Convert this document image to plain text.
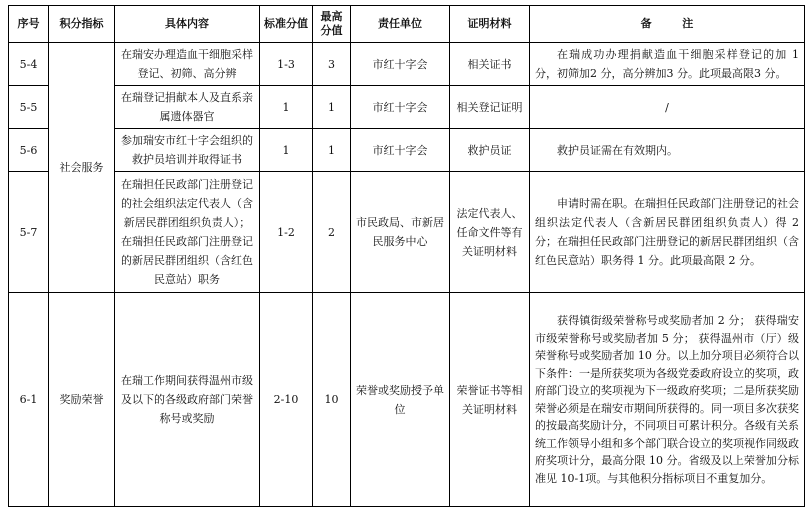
序号	积分指标	具体内容	标准分值	最高分值	责任单位	证明材料	备        注
5-4	社会服务	在瑞安办理造血干细胞采样登记、初筛、高分辨	1-3	3	市红十字会	相关证书	在瑞成功办理捐献造血干细胞采样登记的加 1 分，初筛加2 分，高分辨加3 分。此项最高限3 分。
5-5		在瑞登记捐献本人及直系亲属遗体器官	1	1	市红十字会	相关登记证明	/
5-6		参加瑞安市红十字会组织的救护员培训并取得证书	1	1	市红十字会	救护员证	救护员证需在有效期内。
5-7		在瑞担任民政部门注册登记的社会组织法定代表人（含新居民群团组织负责人）；在瑞担任民政部门注册登记的新居民群团组织（含红色民意站）职务	1-2	2	市民政局、市新居民服务中心	法定代表人、任命文件等有关证明材料	申请时需在职。在瑞担任民政部门注册登记的社会组织法定代表人（含新居民群团组织负责人）得 2 分；在瑞担任民政部门注册登记的新居民群团组织（含红色民意站）职务得 1 分。此项最高限 2 分。
6-1	奖励荣誉	在瑞工作期间获得温州市级及以下的各级政府部门荣誉称号或奖励	2-10	10	荣誉或奖励授予单位	荣誉证书等相关证明材料	获得镇街级荣誉称号或奖励者加 2 分； 获得瑞安市级荣誉称号或奖励者加 5 分； 获得温州市（厅）级荣誉称号或奖励者加 10 分。以上加分项目必须符合以下条件：一是所获奖项为各级党委政府设立的奖项，政府部门设立的奖项视为下一级政府奖项；二是所获奖励荣誉必须是在瑞安市期间所获得的。同一项目多次获奖的按最高奖励计分，不同项目可累计积分。各级有关系统工作领导小组和多个部门联合设立的奖项视作同级政府奖项计分，最高分限 10 分。省级及以上荣誉加分标准见 10-1项。与其他积分指标项目不重复加分。
